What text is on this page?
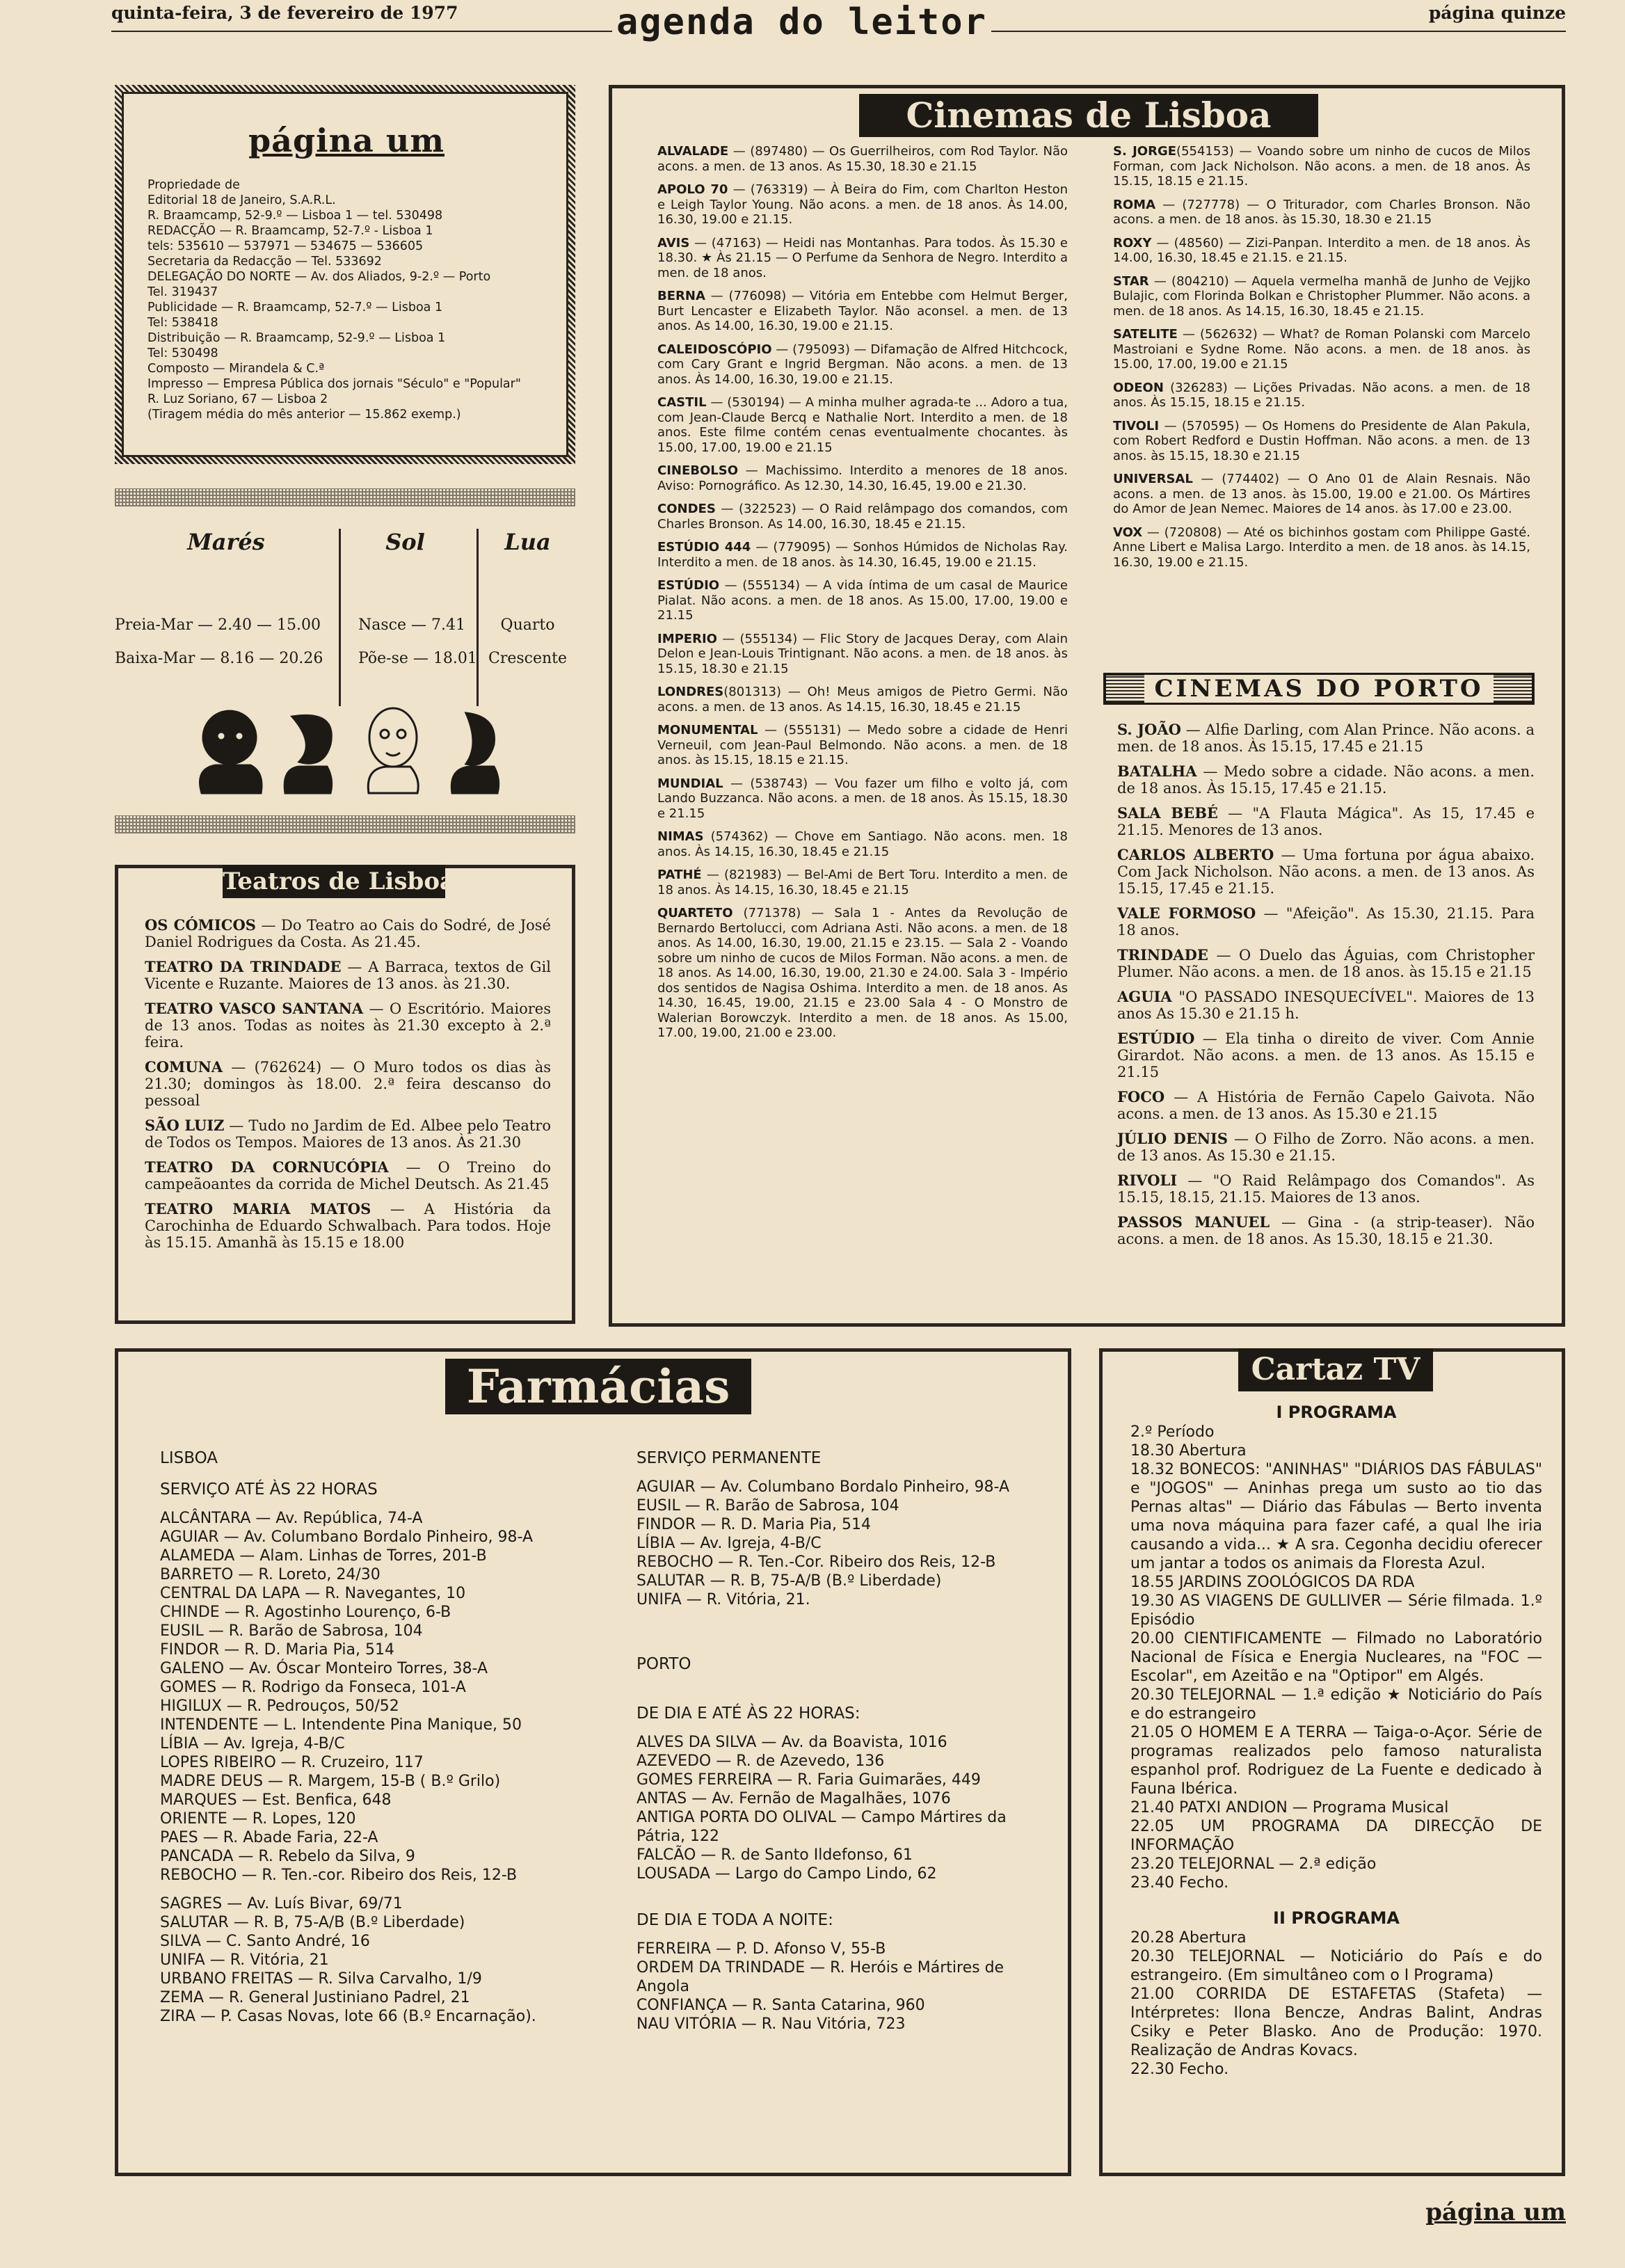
quinta-feira, 3 de fevereiro de 1977	agenda do leitor	página quinze
página um
Propriedade de
Editorial 18 de Janeiro, S.A.R.L.
R. Braamcamp, 52-9.º — Lisboa 1 — tel. 530498
REDACÇÃO — R. Braamcamp, 52-7.º - Lisboa 1
tels: 535610 — 537971 — 534675 — 536605
Secretaria da Redacção — Tel. 533692
DELEGAÇÃO DO NORTE — Av. dos Aliados, 9-2.º — Porto
Tel. 319437
Publicidade — R. Braamcamp, 52-7.º — Lisboa 1
Tel: 538418
Distribuição — R. Braamcamp, 52-9.º — Lisboa 1
Tel: 530498
Composto — Mirandela & C.ª
Impresso — Empresa Pública dos jornais "Século" e "Popular"
R. Luz Soriano, 67 — Lisboa 2
(Tiragem média do mês anterior — 15.862 exemp.)
Marés
Preia-Mar — 2.40 — 15.00
Baixa-Mar — 8.16 — 20.26
Sol
Nasce — 7.41
Põe-se — 18.01
Lua
Quarto
Crescente
Teatros de Lisboa
OS CÓMICOS — Do Teatro ao Cais do Sodré, de José Daniel Rodrigues da Costa. As 21.45.
TEATRO DA TRINDADE — A Barraca, textos de Gil Vicente e Ruzante. Maiores de 13 anos. às 21.30.
TEATRO VASCO SANTANA — O Escritório. Maiores de 13 anos. Todas as noites às 21.30 excepto à 2.ª feira.
COMUNA — (762624) — O Muro todos os dias às 21.30; domingos às 18.00. 2.ª feira descanso do pessoal
SÃO LUIZ — Tudo no Jardim de Ed. Albee pelo Teatro de Todos os Tempos. Maiores de 13 anos. Às 21.30
TEATRO DA CORNUCÓPIA — O Treino do campeãoantes da corrida de Michel Deutsch. As 21.45
TEATRO MARIA MATOS — A História da Carochinha de Eduardo Schwalbach. Para todos. Hoje às 15.15. Amanhã às 15.15 e 18.00
Cinemas de Lisboa
ALVALADE — (897480) — Os Guerrilheiros, com Rod Taylor. Não acons. a men. de 13 anos. As 15.30, 18.30 e 21.15
APOLO 70 — (763319) — À Beira do Fim, com Charlton Heston e Leigh Taylor Young. Não acons. a men. de 18 anos. Às 14.00, 16.30, 19.00 e 21.15.
AVIS — (47163) — Heidi nas Montanhas. Para todos. Às 15.30 e 18.30. ★ Às 21.15 — O Perfume da Senhora de Negro. Interdito a men. de 18 anos.
BERNA — (776098) — Vitória em Entebbe com Helmut Berger, Burt Lencaster e Elizabeth Taylor. Não aconsel. a men. de 13 anos. As 14.00, 16.30, 19.00 e 21.15.
CALEIDOSCÓPIO — (795093) — Difamação de Alfred Hitchcock, com Cary Grant e Ingrid Bergman. Não acons. a men. de 13 anos. Às 14.00, 16.30, 19.00 e 21.15.
CASTIL — (530194) — A minha mulher agrada-te ... Adoro a tua, com Jean-Claude Bercq e Nathalie Nort. Interdito a men. de 18 anos. Este filme contém cenas eventualmente chocantes. às 15.00, 17.00, 19.00 e 21.15
CINEBOLSO — Machissimo. Interdito a menores de 18 anos. Aviso: Pornográfico. As 12.30, 14.30, 16.45, 19.00 e 21.30.
CONDES — (322523) — O Raid relâmpago dos comandos, com Charles Bronson. As 14.00, 16.30, 18.45 e 21.15.
ESTÚDIO 444 — (779095) — Sonhos Húmidos de Nicholas Ray. Interdito a men. de 18 anos. às 14.30, 16.45, 19.00 e 21.15.
ESTÚDIO — (555134) — A vida íntima de um casal de Maurice Pialat. Não acons. a men. de 18 anos. As 15.00, 17.00, 19.00 e 21.15
IMPERIO — (555134) — Flic Story de Jacques Deray, com Alain Delon e Jean-Louis Trintignant. Não acons. a men. de 18 anos. às 15.15, 18.30 e 21.15
LONDRES(801313) — Oh! Meus amigos de Pietro Germi. Não acons. a men. de 13 anos. As 14.15, 16.30, 18.45 e 21.15
MONUMENTAL — (555131) — Medo sobre a cidade de Henri Verneuil, com Jean-Paul Belmondo. Não acons. a men. de 18 anos. às 15.15, 18.15 e 21.15.
MUNDIAL — (538743) — Vou fazer um filho e volto já, com Lando Buzzanca. Não acons. a men. de 18 anos. Às 15.15, 18.30 e 21.15
NIMAS (574362) — Chove em Santiago. Não acons. men. 18 anos. Às 14.15, 16.30, 18.45 e 21.15
PATHÉ — (821983) — Bel-Ami de Bert Toru. Interdito a men. de 18 anos. Às 14.15, 16.30, 18.45 e 21.15
QUARTETO (771378) — Sala 1 - Antes da Revolução de Bernardo Bertolucci, com Adriana Asti. Não acons. a men. de 18 anos. As 14.00, 16.30, 19.00, 21.15 e 23.15. — Sala 2 - Voando sobre um ninho de cucos de Milos Forman. Não acons. a men. de 18 anos. As 14.00, 16.30, 19.00, 21.30 e 24.00. Sala 3 - Império dos sentidos de Nagisa Oshima. Interdito a men. de 18 anos. As 14.30, 16.45, 19.00, 21.15 e 23.00 Sala 4 - O Monstro de Walerian Borowczyk. Interdito a men. de 18 anos. As 15.00, 17.00, 19.00, 21.00 e 23.00.
S. JORGE(554153) — Voando sobre um ninho de cucos de Milos Forman, com Jack Nicholson. Não acons. a men. de 18 anos. Às 15.15, 18.15 e 21.15.
ROMA — (727778) — O Triturador, com Charles Bronson. Não acons. a men. de 18 anos. às 15.30, 18.30 e 21.15
ROXY — (48560) — Zizi-Panpan. Interdito a men. de 18 anos. Às 14.00, 16.30, 18.45 e 21.15. e 21.15.
STAR — (804210) — Aquela vermelha manhã de Junho de Vejjko Bulajic, com Florinda Bolkan e Christopher Plummer. Não acons. a men. de 18 anos. As 14.15, 16.30, 18.45 e 21.15.
SATELITE — (562632) — What? de Roman Polanski com Marcelo Mastroiani e Sydne Rome. Não acons. a men. de 18 anos. às 15.00, 17.00, 19.00 e 21.15
ODEON (326283) — Lições Privadas. Não acons. a men. de 18 anos. Às 15.15, 18.15 e 21.15.
TIVOLI — (570595) — Os Homens do Presidente de Alan Pakula, com Robert Redford e Dustin Hoffman. Não acons. a men. de 13 anos. às 15.15, 18.30 e 21.15
UNIVERSAL — (774402) — O Ano 01 de Alain Resnais. Não acons. a men. de 13 anos. às 15.00, 19.00 e 21.00. Os Mártires do Amor de Jean Nemec. Maiores de 14 anos. às 17.00 e 23.00.
VOX — (720808) — Até os bichinhos gostam com Philippe Gasté. Anne Libert e Malisa Largo. Interdito a men. de 18 anos. às 14.15, 16.30, 19.00 e 21.15.
CINEMAS DO PORTO
S. JOÃO — Alfie Darling, com Alan Prince. Não acons. a men. de 18 anos. Às 15.15, 17.45 e 21.15
BATALHA — Medo sobre a cidade. Não acons. a men. de 18 anos. Às 15.15, 17.45 e 21.15.
SALA BEBÉ — "A Flauta Mágica". As 15, 17.45 e 21.15. Menores de 13 anos.
CARLOS ALBERTO — Uma fortuna por água abaixo. Com Jack Nicholson. Não acons. a men. de 13 anos. As 15.15, 17.45 e 21.15.
VALE FORMOSO — "Afeição". As 15.30, 21.15. Para 18 anos.
TRINDADE — O Duelo das Águias, com Christopher Plumer. Não acons. a men. de 18 anos. às 15.15 e 21.15
AGUIA "O PASSADO INESQUECÍVEL". Maiores de 13 anos As 15.30 e 21.15 h.
ESTÚDIO — Ela tinha o direito de viver. Com Annie Girardot. Não acons. a men. de 13 anos. As 15.15 e 21.15
FOCO — A História de Fernão Capelo Gaivota. Não acons. a men. de 13 anos. As 15.30 e 21.15
JÚLIO DENIS — O Filho de Zorro. Não acons. a men. de 13 anos. As 15.30 e 21.15.
RIVOLI — "O Raid Relâmpago dos Comandos". As 15.15, 18.15, 21.15. Maiores de 13 anos.
PASSOS MANUEL — Gina - (a strip-teaser). Não acons. a men. de 18 anos. As 15.30, 18.15 e 21.30.
Farmácias
LISBOA
SERVIÇO ATÉ ÀS 22 HORAS
ALCÂNTARA — Av. República, 74-A
AGUIAR — Av. Columbano Bordalo Pinheiro, 98-A
ALAMEDA — Alam. Linhas de Torres, 201-B
BARRETO — R. Loreto, 24/30
CENTRAL DA LAPA — R. Navegantes, 10
CHINDE — R. Agostinho Lourenço, 6-B
EUSIL — R. Barão de Sabrosa, 104
FINDOR — R. D. Maria Pia, 514
GALENO — Av. Óscar Monteiro Torres, 38-A
GOMES — R. Rodrigo da Fonseca, 101-A
HIGILUX — R. Pedrouços, 50/52
INTENDENTE — L. Intendente Pina Manique, 50
LÍBIA — Av. Igreja, 4-B/C
LOPES RIBEIRO — R. Cruzeiro, 117
MADRE DEUS — R. Margem, 15-B ( B.º Grilo)
MARQUES — Est. Benfica, 648
ORIENTE — R. Lopes, 120
PAES — R. Abade Faria, 22-A
PANCADA — R. Rebelo da Silva, 9
REBOCHO — R. Ten.-cor. Ribeiro dos Reis, 12-B
SAGRES — Av. Luís Bivar, 69/71
SALUTAR — R. B, 75-A/B (B.º Liberdade)
SILVA — C. Santo André, 16
UNIFA — R. Vitória, 21
URBANO FREITAS — R. Silva Carvalho, 1/9
ZEMA — R. General Justiniano Padrel, 21
ZIRA — P. Casas Novas, lote 66 (B.º Encarnação).
SERVIÇO PERMANENTE
AGUIAR — Av. Columbano Bordalo Pinheiro, 98-A
EUSIL — R. Barão de Sabrosa, 104
FINDOR — R. D. Maria Pia, 514
LÍBIA — Av. Igreja, 4-B/C
REBOCHO — R. Ten.-Cor. Ribeiro dos Reis, 12-B
SALUTAR — R. B, 75-A/B (B.º Liberdade)
UNIFA — R. Vitória, 21.
PORTO
DE DIA E ATÉ ÀS 22 HORAS:
ALVES DA SILVA — Av. da Boavista, 1016
AZEVEDO — R. de Azevedo, 136
GOMES FERREIRA — R. Faria Guimarães, 449
ANTAS — Av. Fernão de Magalhães, 1076
ANTIGA PORTA DO OLIVAL — Campo Mártires da Pátria, 122
FALCÃO — R. de Santo Ildefonso, 61
LOUSADA — Largo do Campo Lindo, 62
DE DIA E TODA A NOITE:
FERREIRA — P. D. Afonso V, 55-B
ORDEM DA TRINDADE — R. Heróis e Mártires de Angola
CONFIANÇA — R. Santa Catarina, 960
NAU VITÓRIA — R. Nau Vitória, 723
Cartaz TV
I PROGRAMA
2.º Período
18.30 Abertura
18.32 BONECOS: "ANINHAS" "DIÁRIOS DAS FÁBULAS" e "JOGOS" — Aninhas prega um susto ao tio das Pernas altas" — Diário das Fábulas — Berto inventa uma nova máquina para fazer café, a qual lhe iria causando a vida... ★ A sra. Cegonha decidiu oferecer um jantar a todos os animais da Floresta Azul.
18.55 JARDINS ZOOLÓGICOS DA RDA
19.30 AS VIAGENS DE GULLIVER — Série filmada. 1.º Episódio
20.00 CIENTIFICAMENTE — Filmado no Laboratório Nacional de Física e Energia Nucleares, na "FOC — Escolar", em Azeitão e na "Optipor" em Algés.
20.30 TELEJORNAL — 1.ª edição ★ Noticiário do País e do estrangeiro
21.05 O HOMEM E A TERRA — Taiga-o-Açor. Série de programas realizados pelo famoso naturalista espanhol prof. Rodriguez de La Fuente e dedicado à Fauna Ibérica.
21.40 PATXI ANDION — Programa Musical
22.05 UM PROGRAMA DA DIRECÇÃO DE INFORMAÇÃO
23.20 TELEJORNAL — 2.ª edição
23.40 Fecho.
II PROGRAMA
20.28 Abertura
20.30 TELEJORNAL — Noticiário do País e do estrangeiro. (Em simultâneo com o I Programa)
21.00 CORRIDA DE ESTAFETAS (Stafeta) — Intérpretes: Ilona Bencze, Andras Balint, Andras Csiky e Peter Blasko. Ano de Produção: 1970. Realização de Andras Kovacs.
22.30 Fecho.
página um
